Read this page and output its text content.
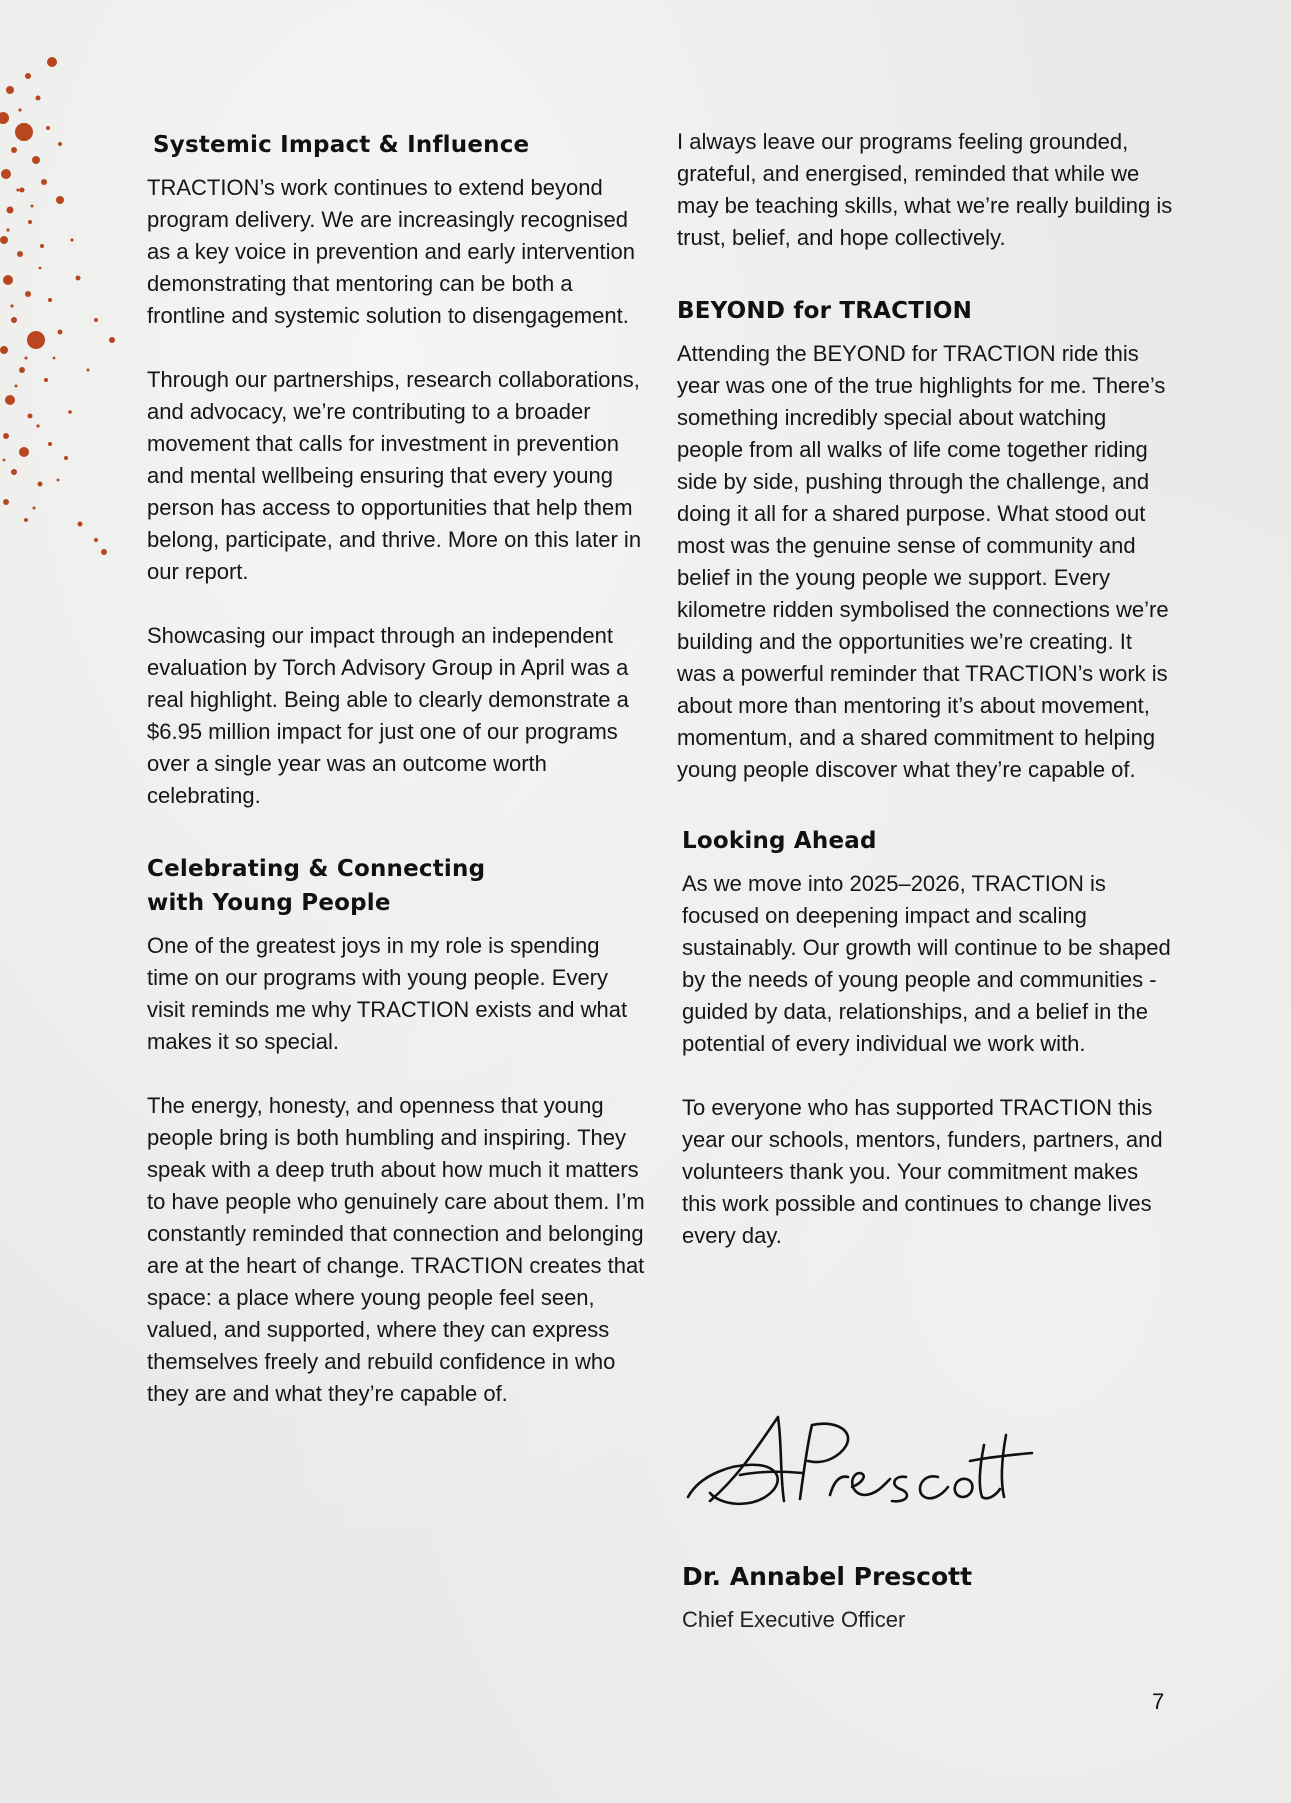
Systemic Impact & Influence

TRACTION’s work continues to extend beyond program delivery. We are increasingly recognised as a key voice in prevention and early intervention demonstrating that mentoring can be both a frontline and systemic solution to disengagement.

Through our partnerships, research collaborations, and advocacy, we’re contributing to a broader movement that calls for investment in prevention and mental wellbeing ensuring that every young person has access to opportunities that help them belong, participate, and thrive. More on this later in our report.

Showcasing our impact through an independent evaluation by Torch Advisory Group in April was a real highlight. Being able to clearly demonstrate a $6.95 million impact for just one of our programs over a single year was an outcome worth celebrating.

Celebrating & Connecting with Young People

One of the greatest joys in my role is spending time on our programs with young people. Every visit reminds me why TRACTION exists and what makes it so special.

The energy, honesty, and openness that young people bring is both humbling and inspiring. They speak with a deep truth about how much it matters to have people who genuinely care about them. I’m constantly reminded that connection and belonging are at the heart of change. TRACTION creates that space: a place where young people feel seen, valued, and supported, where they can express themselves freely and rebuild confidence in who they are and what they’re capable of.

I always leave our programs feeling grounded, grateful, and energised, reminded that while we may be teaching skills, what we’re really building is trust, belief, and hope collectively.

BEYOND for TRACTION

Attending the BEYOND for TRACTION ride this year was one of the true highlights for me. There’s something incredibly special about watching people from all walks of life come together riding side by side, pushing through the challenge, and doing it all for a shared purpose. What stood out most was the genuine sense of community and belief in the young people we support. Every kilometre ridden symbolised the connections we’re building and the opportunities we’re creating. It was a powerful reminder that TRACTION’s work is about more than mentoring it’s about movement, momentum, and a shared commitment to helping young people discover what they’re capable of.

Looking Ahead

As we move into 2025–2026, TRACTION is focused on deepening impact and scaling sustainably. Our growth will continue to be shaped by the needs of young people and communities - guided by data, relationships, and a belief in the potential of every individual we work with.

To everyone who has supported TRACTION this year our schools, mentors, funders, partners, and volunteers thank you. Your commitment makes this work possible and continues to change lives every day.

Dr. Annabel Prescott
Chief Executive Officer
7
